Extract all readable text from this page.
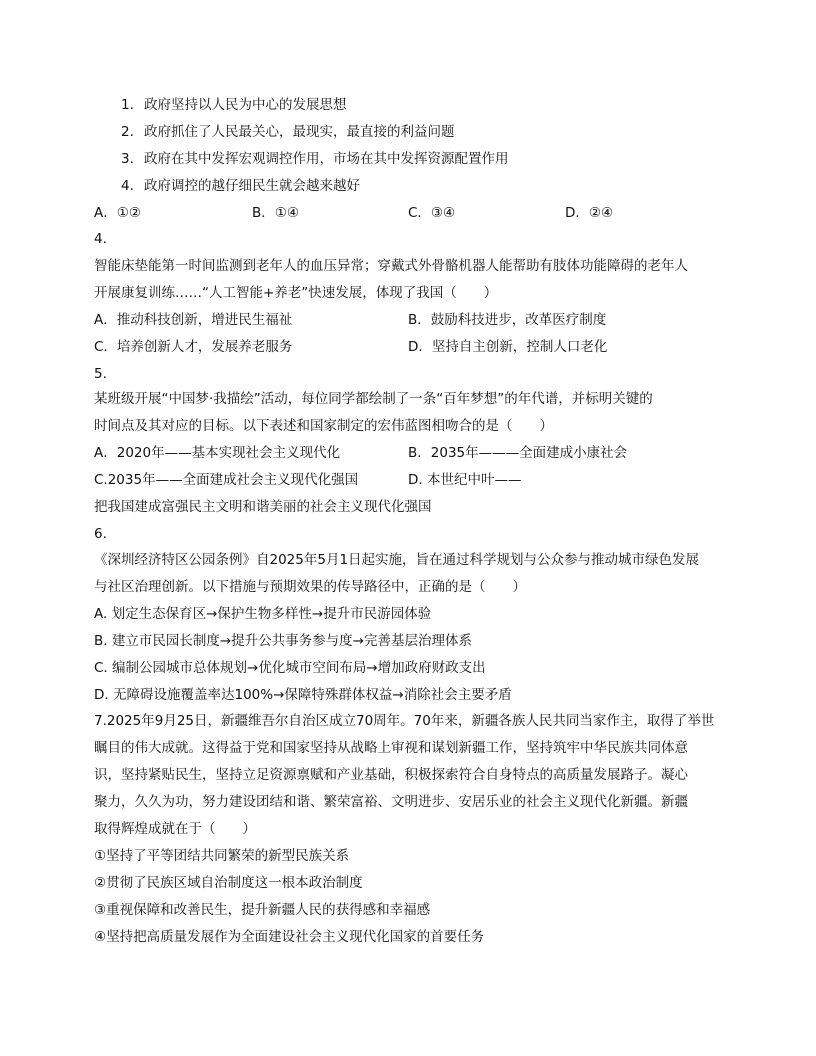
1. 政府坚持以人民为中心的发展思想
2. 政府抓住了人民最关心，最现实，最直接的利益问题
3. 政府在其中发挥宏观调控作用，市场在其中发挥资源配置作用
4. 政府调控的越仔细民生就会越来越好
A．①②	B．①④	C．③④	D．②④
4.
智能床垫能第一时间监测到老年人的血压异常；穿戴式外骨骼机器人能帮助有肢体功能障碍的老年人
开展康复训练……“人工智能+养老”快速发展，体现了我国（　　）
A．推动科技创新，增进民生福祉	B．鼓励科技进步，改革医疗制度
C．培养创新人才，发展养老服务	D．坚持自主创新，控制人口老化
5.
某班级开展“中国梦·我描绘”活动，每位同学都绘制了一条“百年梦想”的年代谱，并标明关键的
时间点及其对应的目标。以下表述和国家制定的宏伟蓝图相吻合的是（　　）
A．2020年——基本实现社会主义现代化	B．2035年———全面建成小康社会
C.2035年——全面建成社会主义现代化强国	D. 本世纪中叶——
把我国建成富强民主文明和谐美丽的社会主义现代化强国
6.
《深圳经济特区公园条例》自2025年5月1日起实施，旨在通过科学规划与公众参与推动城市绿色发展
与社区治理创新。以下措施与预期效果的传导路径中，正确的是（　　）
A. 划定生态保育区→保护生物多样性→提升市民游园体验
B. 建立市民园长制度→提升公共事务参与度→完善基层治理体系
C. 编制公园城市总体规划→优化城市空间布局→增加政府财政支出
D. 无障碍设施覆盖率达100%→保障特殊群体权益→消除社会主要矛盾
7.2025年9月25日，新疆维吾尔自治区成立70周年。70年来，新疆各族人民共同当家作主，取得了举世
瞩目的伟大成就。这得益于党和国家坚持从战略上审视和谋划新疆工作，坚持筑牢中华民族共同体意
识，坚持紧贴民生，坚持立足资源禀赋和产业基础，积极探索符合自身特点的高质量发展路子。凝心
聚力，久久为功，努力建设团结和谐、繁荣富裕、文明进步、安居乐业的社会主义现代化新疆。新疆
取得辉煌成就在于（　　）
①坚持了平等团结共同繁荣的新型民族关系
②贯彻了民族区域自治制度这一根本政治制度
③重视保障和改善民生，提升新疆人民的获得感和幸福感
④坚持把高质量发展作为全面建设社会主义现代化国家的首要任务
